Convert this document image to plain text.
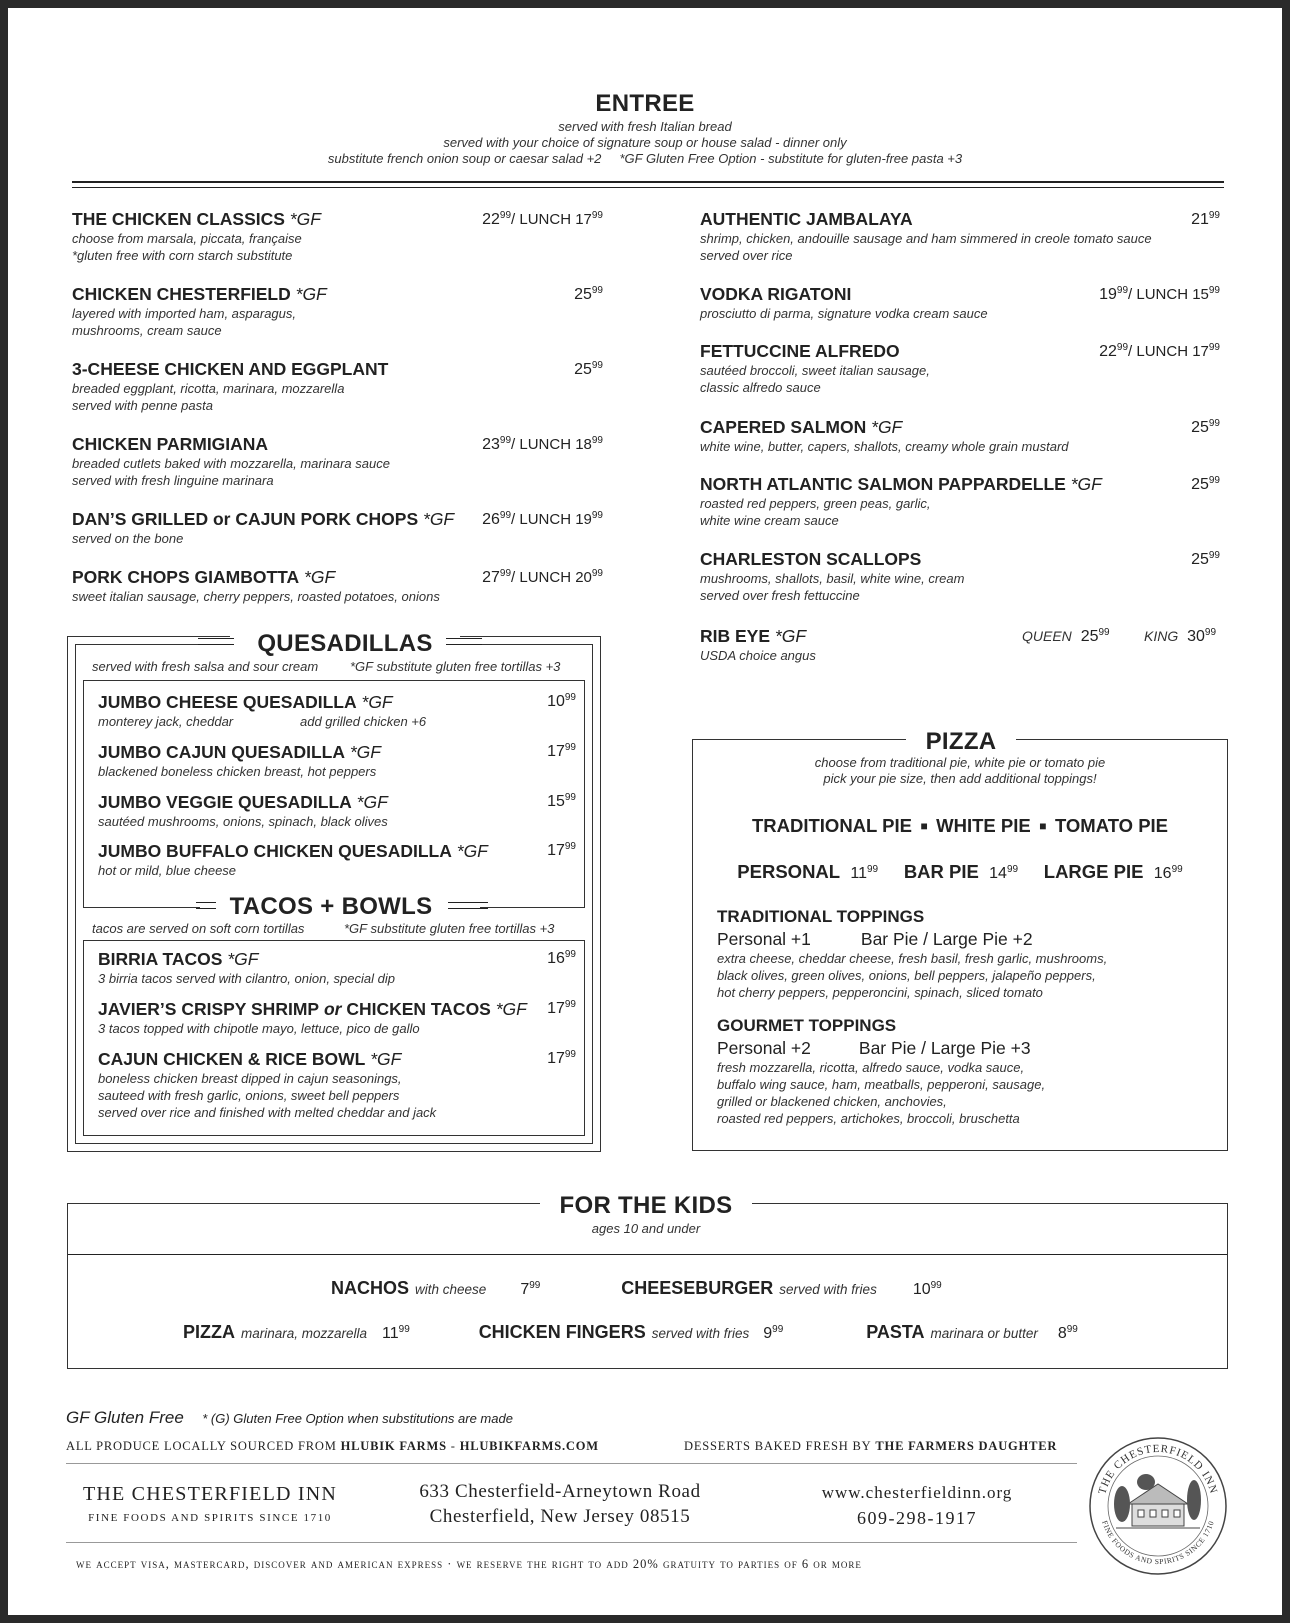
ENTREE
served with fresh Italian bread
served with your choice of signature soup or house salad - dinner only
substitute french onion soup or caesar salad +2     *GF Gluten Free Option - substitute for gluten-free pasta +3
THE CHICKEN CLASSICS *GF	$22^{99}/$ LUNCH $17^{99}$
choose from marsala, piccata, française
*gluten free with corn starch substitute
CHICKEN CHESTERFIELD *GF	$25^{99}$
layered with imported ham, asparagus,
mushrooms, cream sauce
3-CHEESE CHICKEN AND EGGPLANT	$25^{99}$
breaded eggplant, ricotta, marinara, mozzarella
served with penne pasta
CHICKEN PARMIGIANA	$23^{99}/$ LUNCH $18^{99}$
breaded cutlets baked with mozzarella, marinara sauce
served with fresh linguine marinara
DAN’S GRILLED or CAJUN PORK CHOPS *GF $26^{99}/$ LUNCH $19^{99}$
served on the bone
PORK CHOPS GIAMBOTTA *GF	$27^{99}/$ LUNCH $20^{99}$
sweet italian sausage, cherry peppers, roasted potatoes, onions
AUTHENTIC JAMBALAYA	$21^{99}$
shrimp, chicken, andouille sausage and ham simmered in creole tomato sauce
served over rice
VODKA RIGATONI	$19^{99}/$ LUNCH $15^{99}$
prosciutto di parma, signature vodka cream sauce
FETTUCCINE ALFREDO	$22^{99}/$ LUNCH $17^{99}$
sautéed broccoli, sweet italian sausage,
classic alfredo sauce
CAPERED SALMON *GF	$25^{99}$
white wine, butter, capers, shallots, creamy whole grain mustard
NORTH ATLANTIC SALMON PAPPARDELLE *GF	$25^{99}$
roasted red peppers, green peas, garlic,
white wine cream sauce
CHARLESTON SCALLOPS	$25^{99}$
mushrooms, shallots, basil, white wine, cream
served over fresh fettuccine
RIB EYE *GF
USDA choice angus
QUEEN $25^{99}$ KING $30^{99}$
QUESADILLAS
served with fresh salsa and sour cream *GF substitute gluten free tortillas +3
JUMBO CHEESE QUESADILLA *GF	$10^{99}$
monterey jack, cheddar	add grilled chicken +6
JUMBO CAJUN QUESADILLA *GF	$17^{99}$
blackened boneless chicken breast, hot peppers
JUMBO VEGGIE QUESADILLA *GF	$15^{99}$
sautéed mushrooms, onions, spinach, black olives
JUMBO BUFFALO CHICKEN QUESADILLA *GF	$17^{99}$
hot or mild, blue cheese
TACOS + BOWLS
tacos are served on soft corn tortillas	*GF substitute gluten free tortillas +3
BIRRIA TACOS *GF	$16^{99}$
3 birria tacos served with cilantro, onion, special dip
JAVIER’S CRISPY SHRIMP or CHICKEN TACOS *GF $17^{99}$
3 tacos topped with chipotle mayo, lettuce, pico de gallo
CAJUN CHICKEN & RICE BOWL *GF	$17^{99}$
boneless chicken breast dipped in cajun seasonings,
sauteed with fresh garlic, onions, sweet bell peppers
served over rice and finished with melted cheddar and jack
PIZZA
choose from traditional pie, white pie or tomato pie
pick your pie size, then add additional toppings!
TRADITIONAL PIE  ■  WHITE PIE  ■  TOMATO PIE
PERSONAL $11^{99}$ BAR PIE $14^{99}$ LARGE PIE $16^{99}$
TRADITIONAL TOPPINGS
Personal +1	Bar Pie / Large Pie +2
extra cheese, cheddar cheese, fresh basil, fresh garlic, mushrooms,
black olives, green olives, onions, bell peppers, jalapeño peppers,
hot cherry peppers, pepperoncini, spinach, sliced tomato
GOURMET TOPPINGS
Personal +2	Bar Pie / Large Pie +3
fresh mozzarella, ricotta, alfredo sauce, vodka sauce,
buffalo wing sauce, ham, meatballs, pepperoni, sausage,
grilled or blackened chicken, anchovies,
roasted red peppers, artichokes, broccoli, bruschetta
FOR THE KIDS
ages 10 and under
NACHOS with cheese $7^{99}$	CHEESEBURGER served with fries $10^{99}$
PIZZA marinara, mozzarella $11^{99}$	CHICKEN FINGERS served with fries $9^{99}$	PASTA marinara or butter $8^{99}$
GF Gluten Free * (G) Gluten Free Option when substitutions are made
ALL PRODUCE LOCALLY SOURCED FROM HLUBIK FARMS - HLUBIKFARMS.COM	DESSERTS BAKED FRESH BY THE FARMERS DAUGHTER
THE CHESTERFIELD INN
FINE FOODS AND SPIRITS SINCE 1710
633 Chesterfield-Arneytown Road
Chesterfield, New Jersey 08515
www.chesterfieldinn.org
609-298-1917
we accept visa, mastercard, discover and american express · we reserve the right to add 20% gratuity to parties of 6 or more
THE CHESTERFIELD INN
FINE FOODS AND SPIRITS SINCE 1710
